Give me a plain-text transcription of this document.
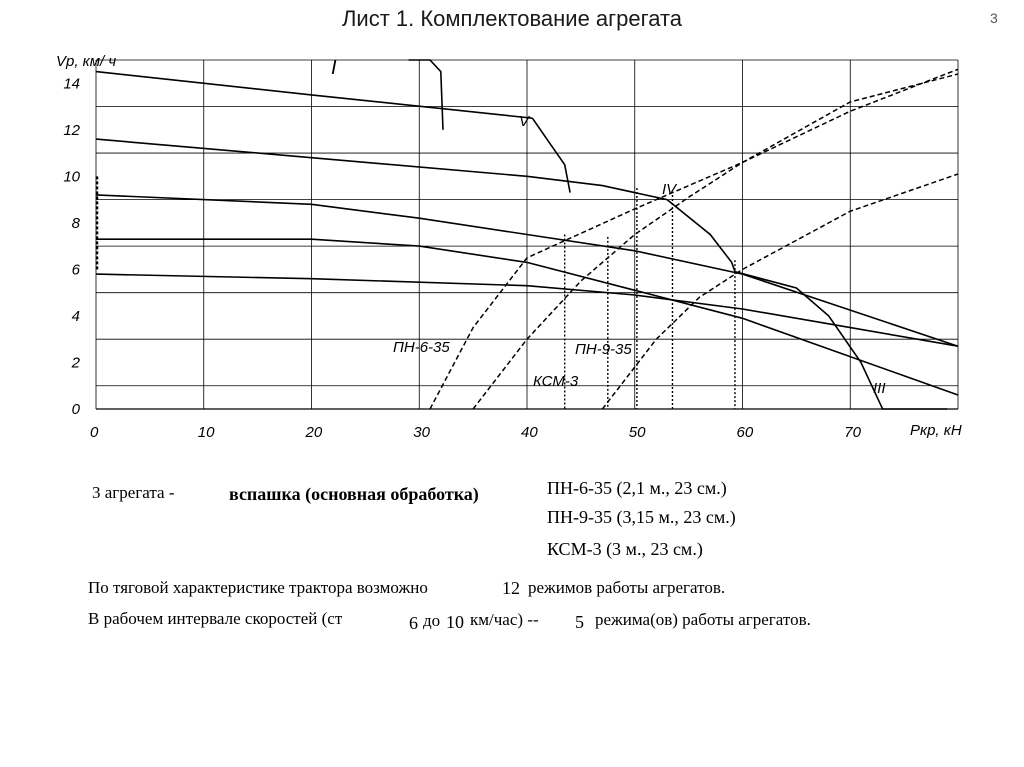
Лист 1. Комплектование агрегата	3
0	10	20	30	40	50	60	70
0
2
4
6
8
10
12
14
Vр, км/ ч
Pкр, кН
I
V
IV
III
ПН-6-35	ПН-9-35
КСМ-3
3 агрегата -	вспашка (основная обработка)	ПН-6-35 (2,1 м., 23 см.)
ПН-9-35 (3,15 м., 23 см.)
КСМ-3 (3 м., 23 см.)
По тяговой характеристике трактора возможно	12 режимов работы агрегатов.
В рабочем интервале скоростей (ст	6 до 10 км/час) -- 5 режима(ов) работы агрегатов.
